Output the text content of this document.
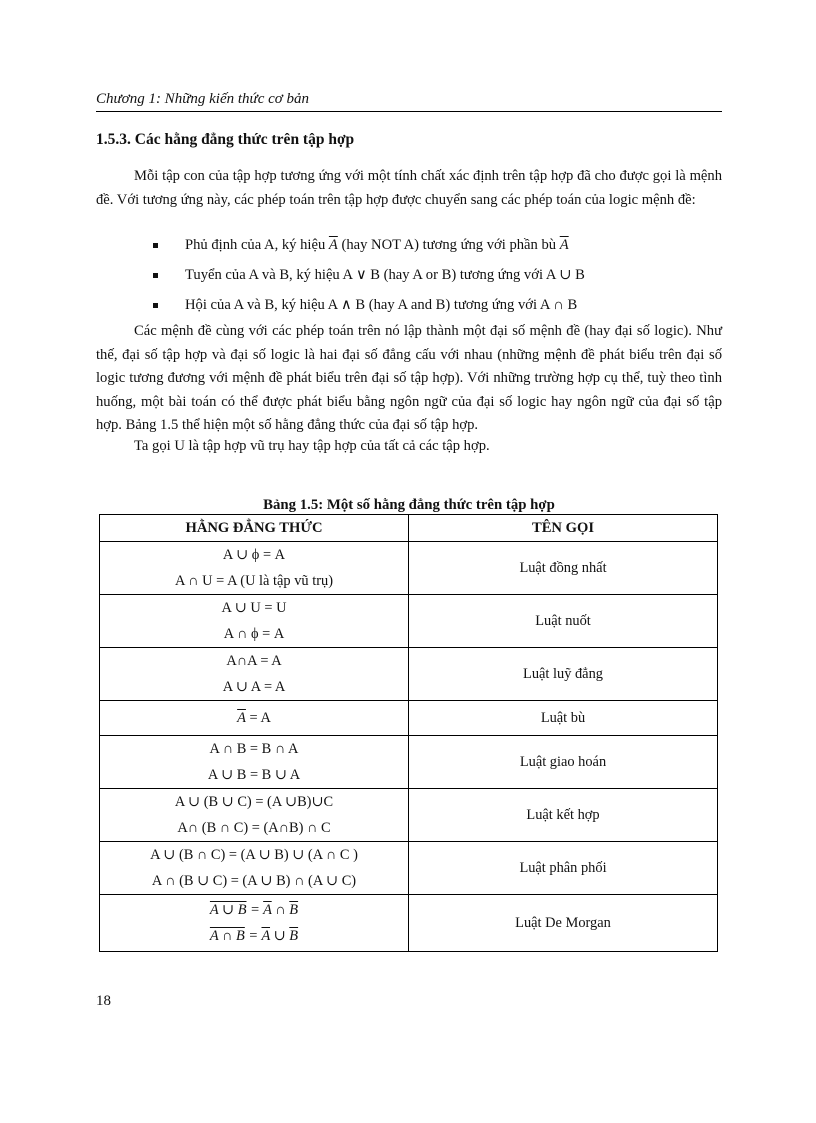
Chương 1: Những kiến thức cơ bản
1.5.3. Các hằng đẳng thức trên tập hợp
Mỗi tập con của tập hợp tương ứng với một tính chất xác định trên tập hợp đã cho được gọi là mệnh đề. Với tương ứng này, các phép toán trên tập hợp được chuyển sang các phép toán của logic mệnh đề:
Phủ định của A, ký hiệu $\overline{A}$ (hay NOT A) tương ứng với phần bù $\overline{A}$
Tuyển của A và B, ký hiệu A ∨ B (hay A or B) tương ứng với A ∪ B
Hội của A và B, ký hiệu A ∧ B (hay A and B) tương ứng với A ∩ B
Các mệnh đề cùng với các phép toán trên nó lập thành một đại số mệnh đề (hay đại số logic). Như thế, đại số tập hợp và đại số logic là hai đại số đẳng cấu với nhau (những mệnh đề phát biểu trên đại số logic tương đương với mệnh đề phát biểu trên đại số tập hợp). Với những trường hợp cụ thể, tuỳ theo tình huống, một bài toán có thể được phát biểu bằng ngôn ngữ của đại số logic hay ngôn ngữ của đại số tập hợp. Bảng 1.5 thể hiện một số hằng đẳng thức của đại số tập hợp.
Ta gọi U là tập hợp vũ trụ hay tập hợp của tất cả các tập hợp.
Bảng 1.5: Một số hằng đẳng thức trên tập hợp
HẰNG ĐẲNG THỨC	TÊN GỌI

A ∪ ϕ = A
A ∩ U = A (U là tập vũ trụ)	Luật đồng nhất

A ∪ U = U
A ∩ ϕ = A	Luật nuốt

A∩A = A
A ∪ A = A	Luật luỹ đẳng
$\overline{A} = A$	Luật bù

A ∩ B = B ∩ A
A ∪ B = B ∪ A	Luật giao hoán

A ∪ (B ∪ C) = (A ∪B)∪C
A∩ (B ∩ C) = (A∩B) ∩ C	Luật kết hợp

A ∪ (B ∩ C) = (A ∪ B) ∪ (A ∩ C )
A ∩ (B ∪ C) = (A ∪ B) ∩ (A ∪ C)	Luật phân phối

A ∪ $B = \overline{A}$ ∩ $\overline{B}$
A ∩ $B = \overline{A}$ ∪ $\overline{B}$	Luật De Morgan
18
